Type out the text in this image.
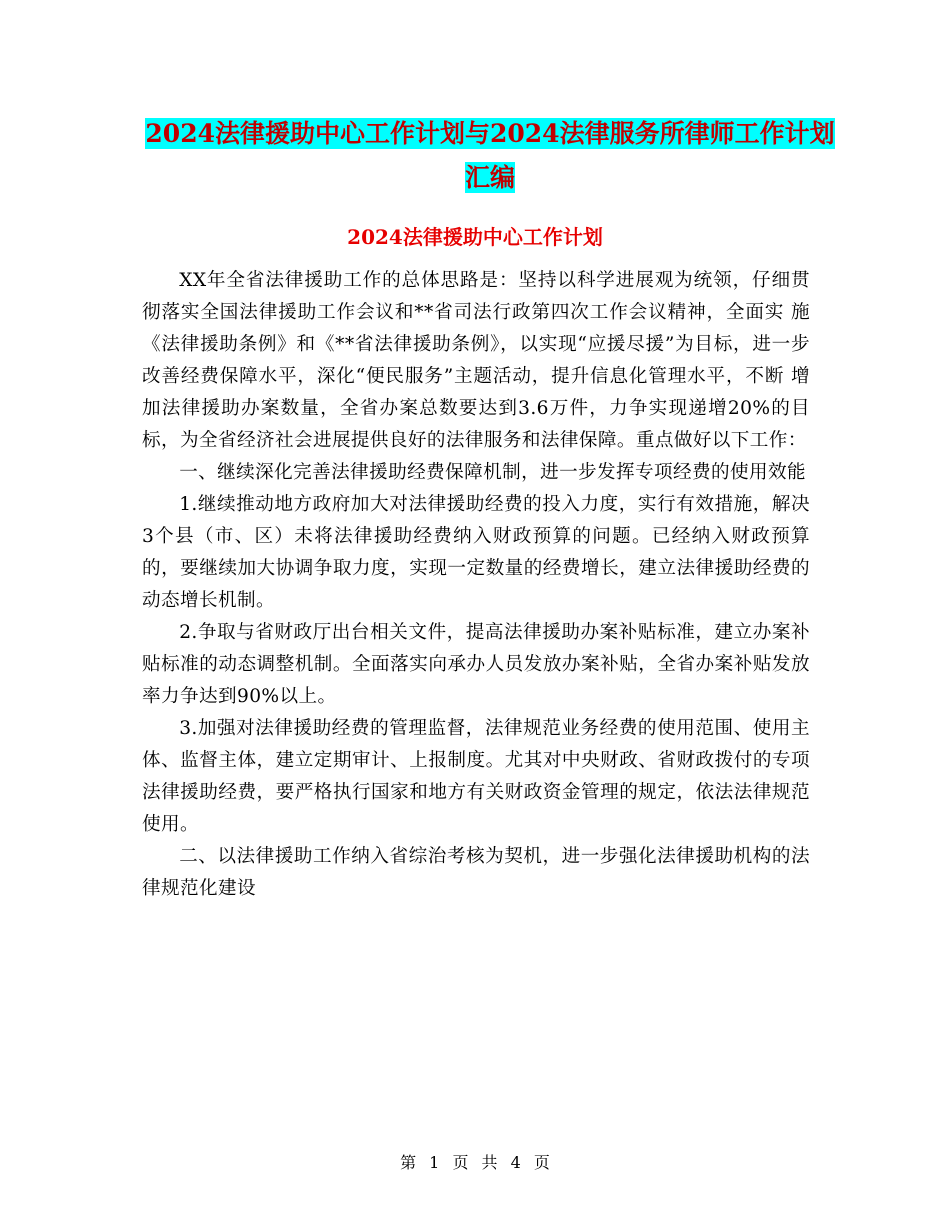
2024法律援助中心工作计划与2024法律服务所律师工作计划汇编
2024法律援助中心工作计划

XX年全省法律援助工作的总体思路是：坚持以科学进展观为统领，仔细贯彻落实全国法律援助工作会议和**省司法行政第四次工作会议精神，全面实 施《法律援助条例》和《**省法律援助条例》，以实现“应援尽援”为目标，进一步改善经费保障水平，深化“便民服务”主题活动，提升信息化管理水平，不断 增加法律援助办案数量，全省办案总数要达到3.6万件，力争实现递增20%的目标，为全省经济社会进展提供良好的法律服务和法律保障。重点做好以下工作：

一、继续深化完善法律援助经费保障机制，进一步发挥专项经费的使用效能

1.继续推动地方政府加大对法律援助经费的投入力度，实行有效措施，解决3个县（市、区）未将法律援助经费纳入财政预算的问题。已经纳入财政预算的，要继续加大协调争取力度，实现一定数量的经费增长，建立法律援助经费的动态增长机制。

2.争取与省财政厅出台相关文件，提高法律援助办案补贴标准，建立办案补贴标准的动态调整机制。全面落实向承办人员发放办案补贴，全省办案补贴发放率力争达到90%以上。

3.加强对法律援助经费的管理监督，法律规范业务经费的使用范围、使用主体、监督主体，建立定期审计、上报制度。尤其对中央财政、省财政拨付的专项法律援助经费，要严格执行国家和地方有关财政资金管理的规定，依法法律规范使用。

二、以法律援助工作纳入省综治考核为契机，进一步强化法律援助机构的法律规范化建设

第 1 页 共 4 页
